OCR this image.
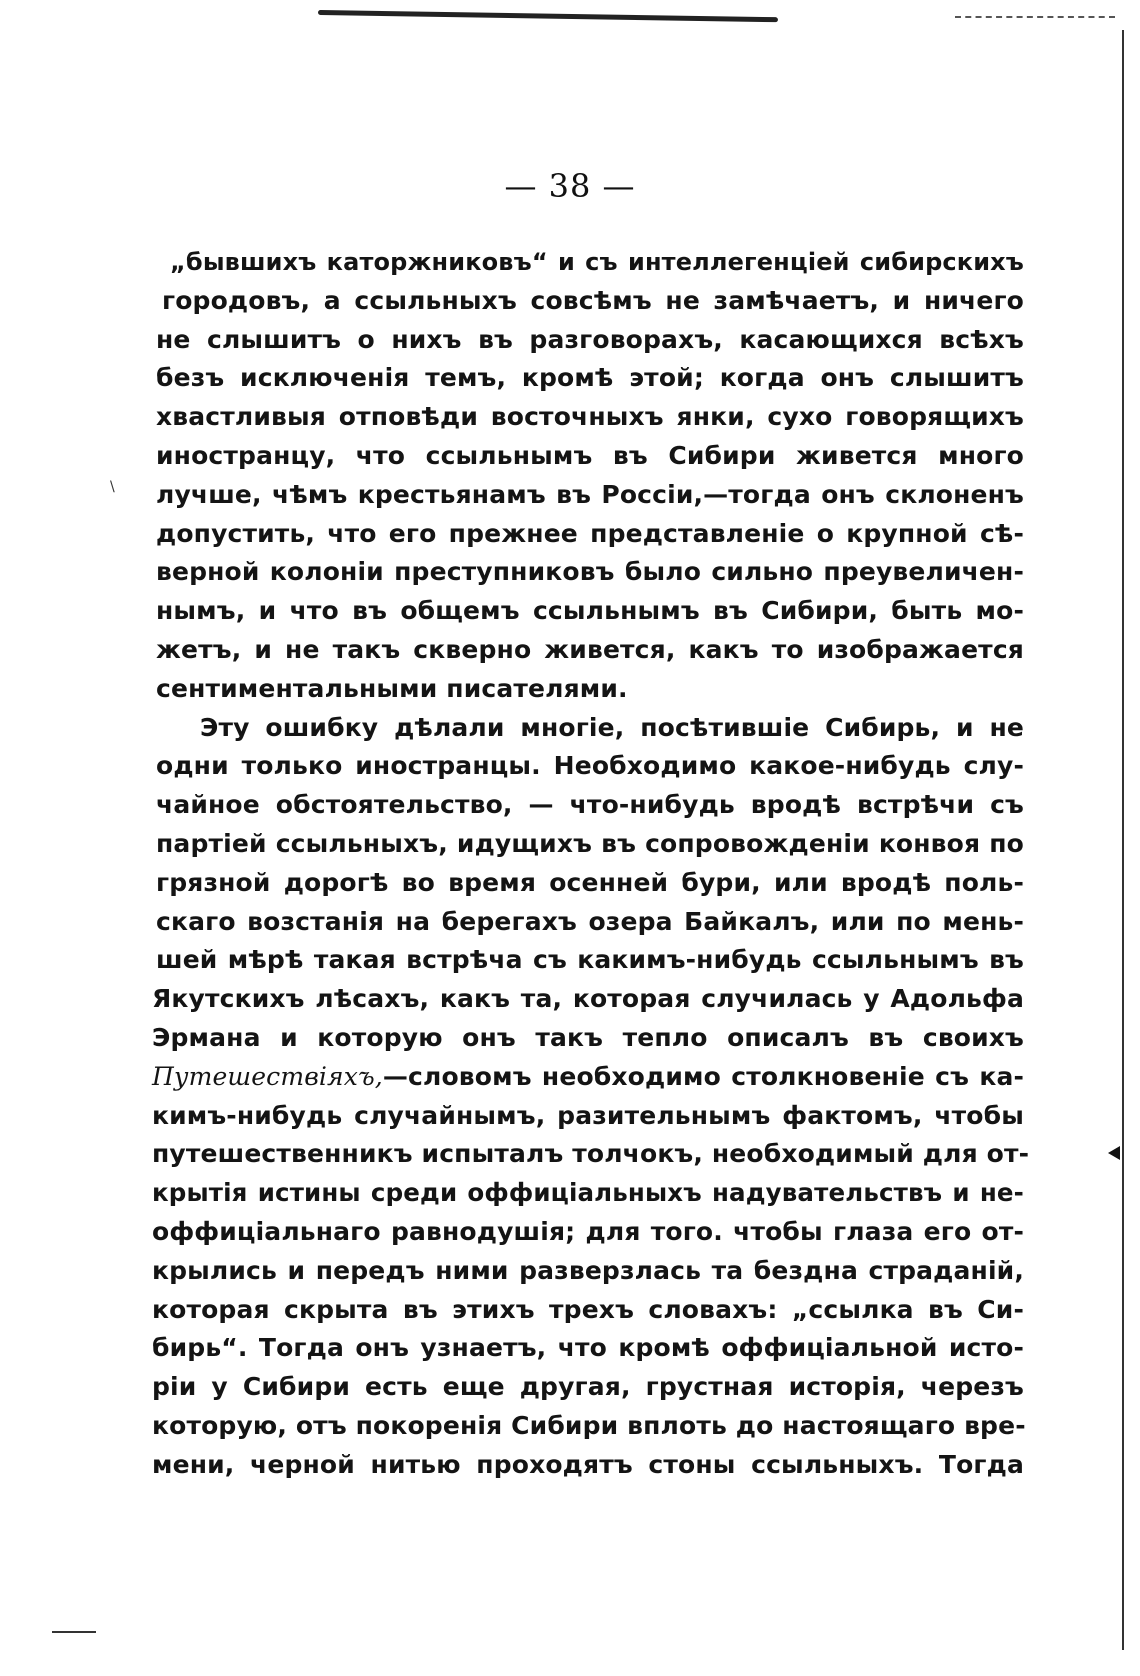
\
— 38 —
„бывшихъ каторжниковъ“ и съ интеллегенціей сибирскихъ
городовъ, а ссыльныхъ совсѣмъ не замѣчаетъ, и ничего
не слышитъ о нихъ въ разговорахъ, касающихся всѣхъ
безъ исключенія темъ, кромѣ этой; когда онъ слышитъ
хвастливыя отповѣди восточныхъ янки, сухо говорящихъ
иностранцу, что ссыльнымъ въ Сибири живется много
лучше, чѣмъ крестьянамъ въ Россіи,—тогда онъ склоненъ
допустить, что его прежнее представленіе о крупной сѣ-
верной колоніи преступниковъ было сильно преувеличен-
нымъ, и что въ общемъ ссыльнымъ въ Сибири, быть мо-
жетъ, и не такъ скверно живется, какъ то изображается
сентиментальными писателями.
Эту ошибку дѣлали многіе, посѣтившіе Сибирь, и не
одни только иностранцы. Необходимо какое-нибудь слу-
чайное обстоятельство, — что-нибудь вродѣ встрѣчи съ
партіей ссыльныхъ, идущихъ въ сопровожденіи конвоя по
грязной дорогѣ во время осенней бури, или вродѣ поль-
скаго возстанія на берегахъ озера Байкалъ, или по мень-
шей мѣрѣ такая встрѣча съ какимъ-нибудь ссыльнымъ въ
Якутскихъ лѣсахъ, какъ та, которая случилась у Адольфа
Эрмана и которую онъ такъ тепло описалъ въ своихъ
Путешествіяхъ,—словомъ необходимо столкновеніе съ ка-
кимъ-нибудь случайнымъ, разительнымъ фактомъ, чтобы
путешественникъ испыталъ толчокъ, необходимый для от-
крытія истины среди оффиціальныхъ надувательствъ и не-
оффиціальнаго равнодушія; для того. чтобы глаза его от-
крылись и передъ ними разверзлась та бездна страданій,
которая скрыта въ этихъ трехъ словахъ: „ссылка въ Си-
бирь“. Тогда онъ узнаетъ, что кромѣ оффиціальной исто-
ріи у Сибири есть еще другая, грустная исторія, черезъ
которую, отъ покоренія Сибири вплоть до настоящаго вре-
мени, черной нитью проходятъ стоны ссыльныхъ. Тогда
